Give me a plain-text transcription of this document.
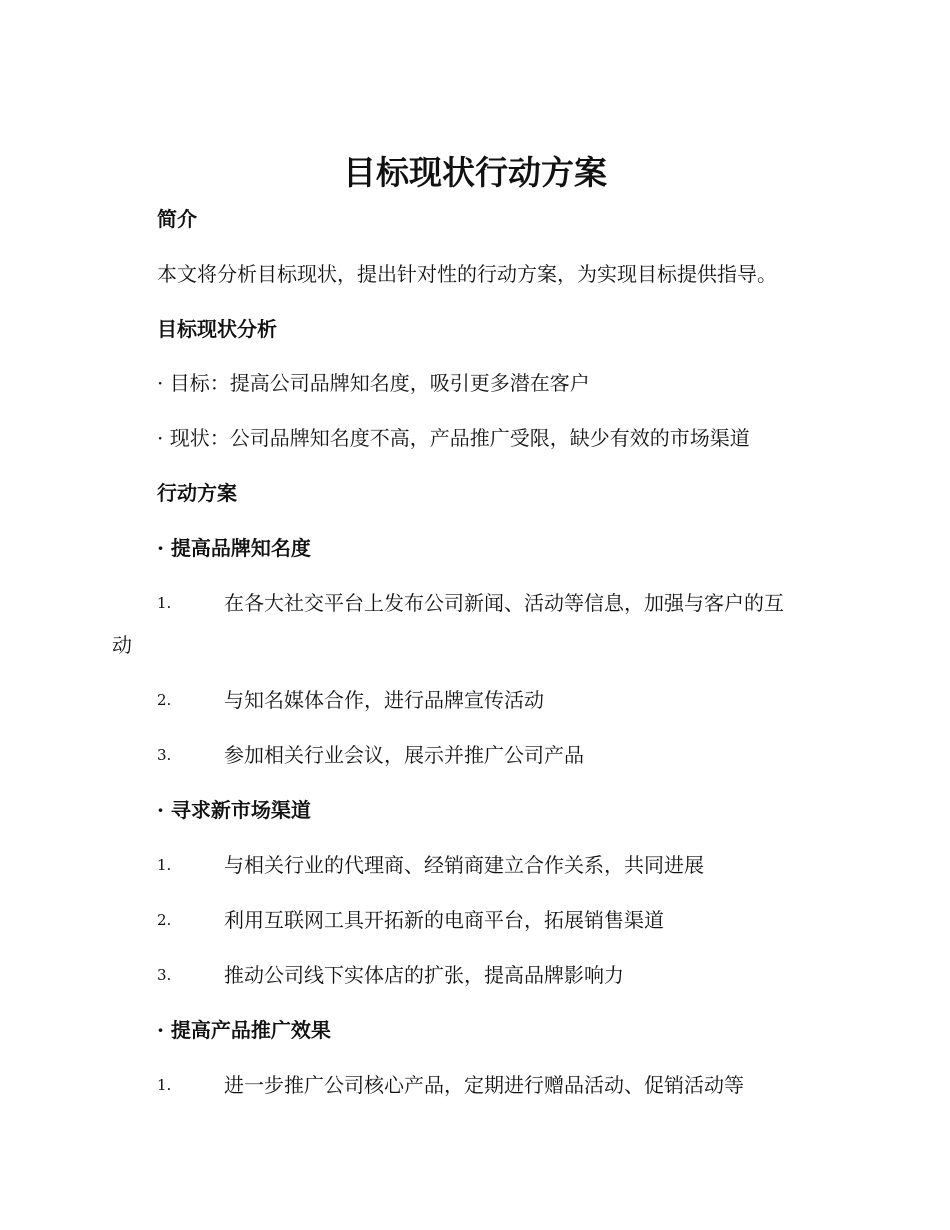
目标现状行动方案
简介
本文将分析目标现状，提出针对性的行动方案，为实现目标提供指导。
目标现状分析
· 目标：提高公司品牌知名度，吸引更多潜在客户
· 现状：公司品牌知名度不高，产品推广受限，缺少有效的市场渠道
行动方案
· 提高品牌知名度
1.	在各大社交平台上发布公司新闻、活动等信息，加强与客户的互
动
2.	与知名媒体合作，进行品牌宣传活动
3.	参加相关行业会议，展示并推广公司产品
· 寻求新市场渠道
1.	与相关行业的代理商、经销商建立合作关系，共同进展
2.	利用互联网工具开拓新的电商平台，拓展销售渠道
3.	推动公司线下实体店的扩张，提高品牌影响力
· 提高产品推广效果
1.	进一步推广公司核心产品，定期进行赠品活动、促销活动等
